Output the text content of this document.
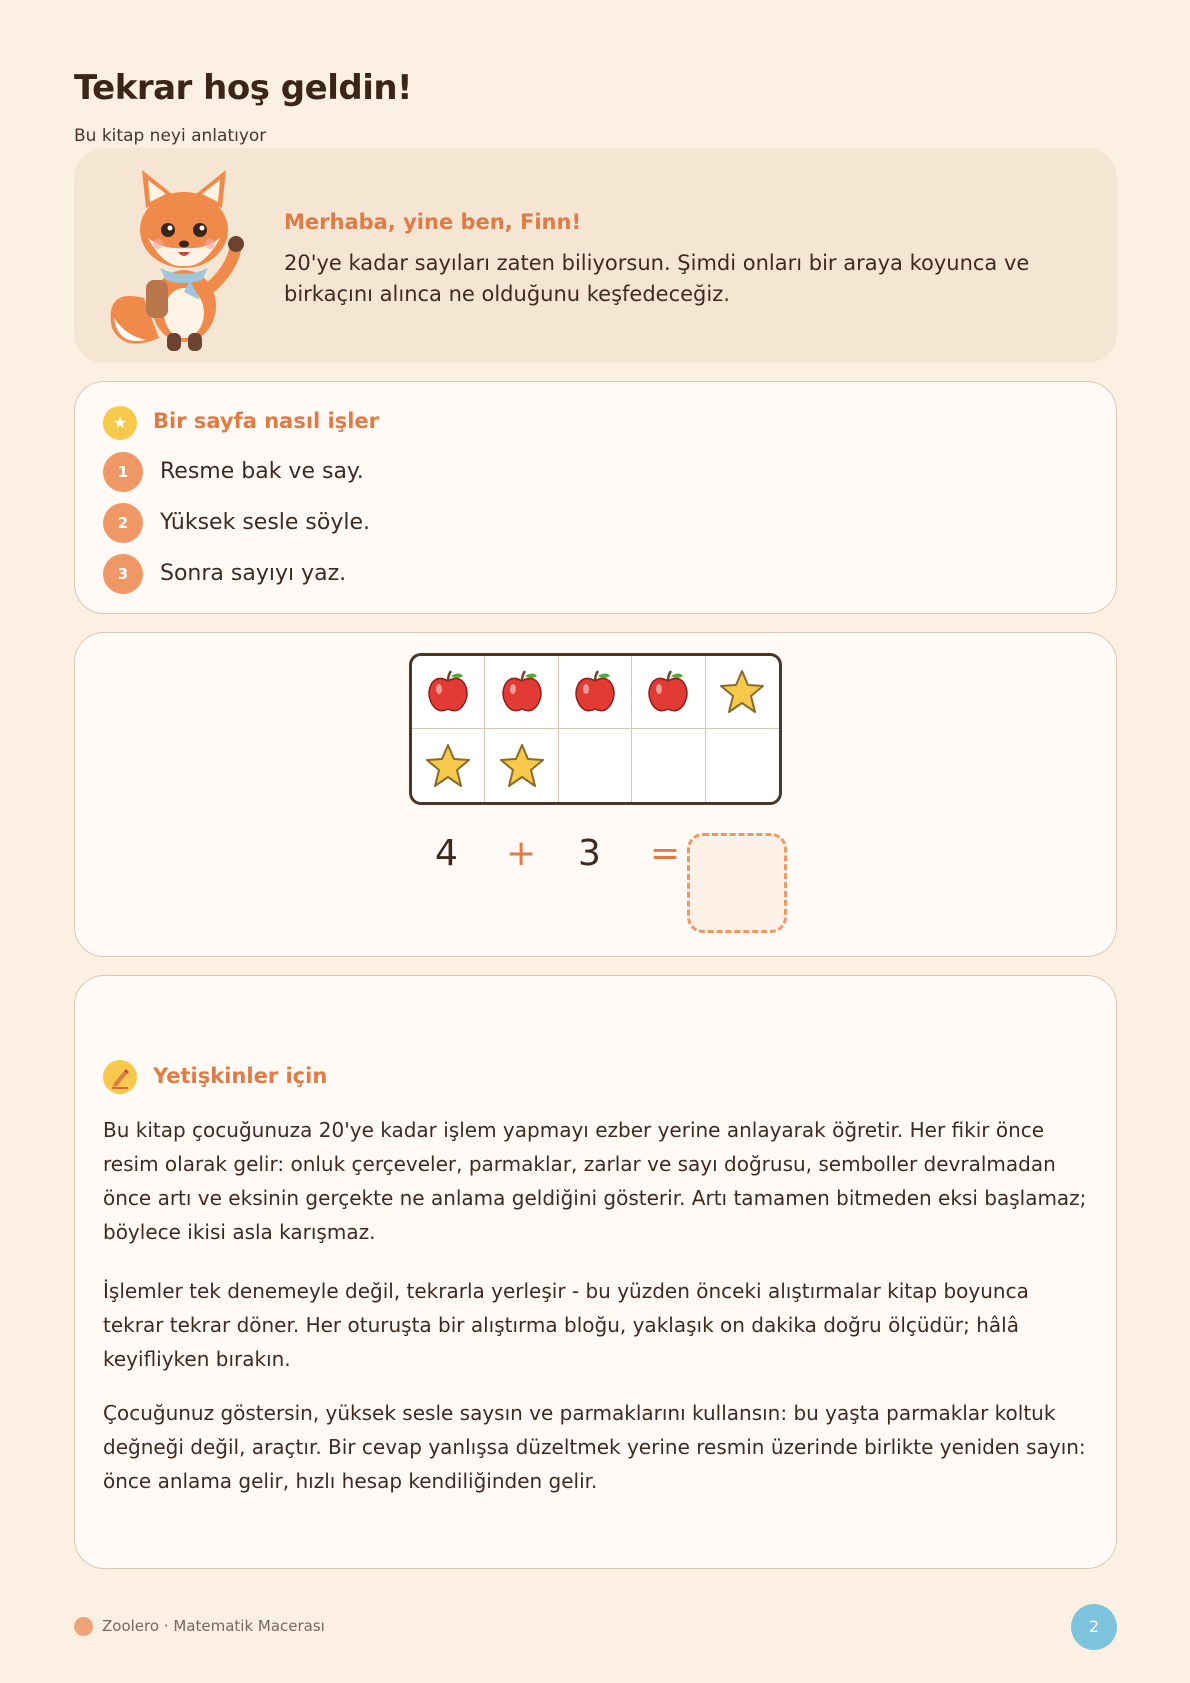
Tekrar hoş geldin!
Bu kitap neyi anlatıyor
Merhaba, yine ben, Finn!
20'ye kadar sayıları zaten biliyorsun. Şimdi onları bir araya koyunca ve birkaçını alınca ne olduğunu keşfedeceğiz.
★	Bir sayfa nasıl işler
1	Resme bak ve say.
2	Yüksek sesle söyle.
3	Sonra sayıyı yaz.
4 + 3 =
Yetişkinler için

Bu kitap çocuğunuza 20'ye kadar işlem yapmayı ezber yerine anlayarak öğretir. Her fikir önce resim olarak gelir: onluk çerçeveler, parmaklar, zarlar ve sayı doğrusu, semboller devralmadan önce artı ve eksinin gerçekte ne anlama geldiğini gösterir. Artı tamamen bitmeden eksi başlamaz; böylece ikisi asla karışmaz.

İşlemler tek denemeyle değil, tekrarla yerleşir - bu yüzden önceki alıştırmalar kitap boyunca tekrar tekrar döner. Her oturuşta bir alıştırma bloğu, yaklaşık on dakika doğru ölçüdür; hâlâ keyifliyken bırakın.

Çocuğunuz göstersin, yüksek sesle saysın ve parmaklarını kullansın: bu yaşta parmaklar koltuk değneği değil, araçtır. Bir cevap yanlışsa düzeltmek yerine resmin üzerinde birlikte yeniden sayın: önce anlama gelir, hızlı hesap kendiliğinden gelir.

Zoolero · Matematik Macerası	2
